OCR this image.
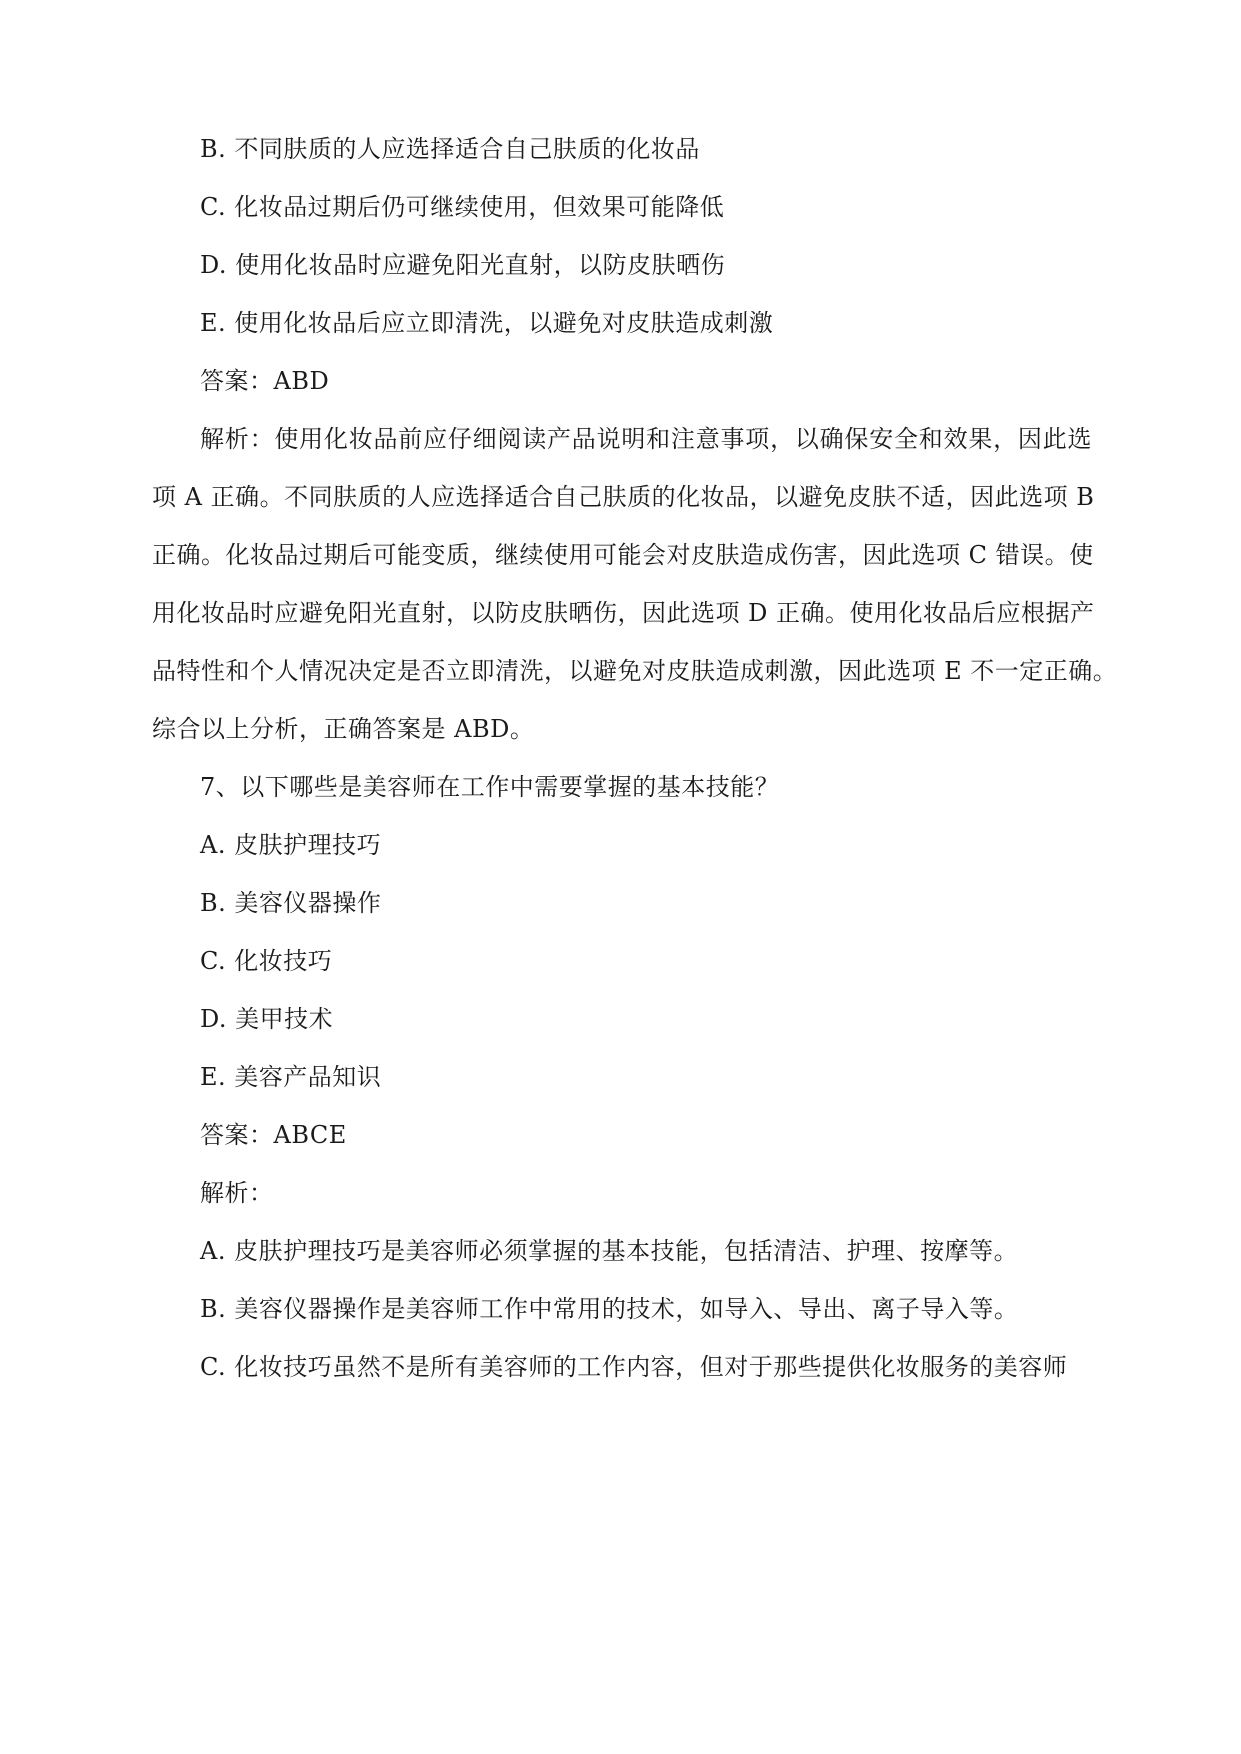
B. 不同肤质的人应选择适合自己肤质的化妆品
C. 化妆品过期后仍可继续使用，但效果可能降低
D. 使用化妆品时应避免阳光直射，以防皮肤晒伤
E. 使用化妆品后应立即清洗，以避免对皮肤造成刺激
答案：ABD
解析：使用化妆品前应仔细阅读产品说明和注意事项，以确保安全和效果，因此选
项 A 正确。不同肤质的人应选择适合自己肤质的化妆品，以避免皮肤不适，因此选项 B
正确。化妆品过期后可能变质，继续使用可能会对皮肤造成伤害，因此选项 C 错误。使
用化妆品时应避免阳光直射，以防皮肤晒伤，因此选项 D 正确。使用化妆品后应根据产
品特性和个人情况决定是否立即清洗，以避免对皮肤造成刺激，因此选项 E 不一定正确。
综合以上分析，正确答案是 ABD。
7、以下哪些是美容师在工作中需要掌握的基本技能？
A. 皮肤护理技巧
B. 美容仪器操作
C. 化妆技巧
D. 美甲技术
E. 美容产品知识
答案：ABCE
解析：
A. 皮肤护理技巧是美容师必须掌握的基本技能，包括清洁、护理、按摩等。
B. 美容仪器操作是美容师工作中常用的技术，如导入、导出、离子导入等。
C. 化妆技巧虽然不是所有美容师的工作内容，但对于那些提供化妆服务的美容师
